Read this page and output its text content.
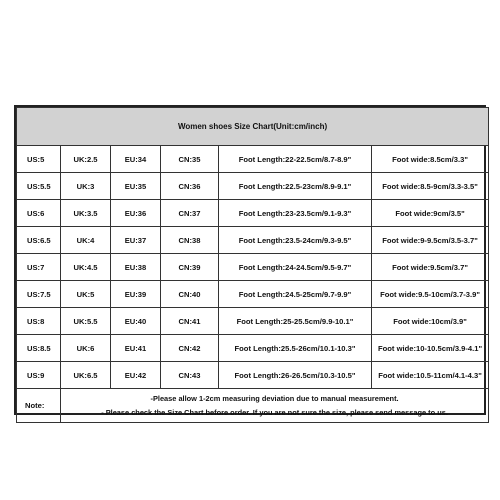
Women shoes Size Chart(Unit:cm/inch)					
US:5	UK:2.5	EU:34	CN:35	Foot Length:22-22.5cm/8.7-8.9"	Foot wide:8.5cm/3.3"
US:5.5	UK:3	EU:35	CN:36	Foot Length:22.5-23cm/8.9-9.1"	Foot wide:8.5-9cm/3.3-3.5"
US:6	UK:3.5	EU:36	CN:37	Foot Length:23-23.5cm/9.1-9.3"	Foot wide:9cm/3.5"
US:6.5	UK:4	EU:37	CN:38	Foot Length:23.5-24cm/9.3-9.5"	Foot wide:9-9.5cm/3.5-3.7"
US:7	UK:4.5	EU:38	CN:39	Foot Length:24-24.5cm/9.5-9.7"	Foot wide:9.5cm/3.7"
US:7.5	UK:5	EU:39	CN:40	Foot Length:24.5-25cm/9.7-9.9"	Foot wide:9.5-10cm/3.7-3.9"
US:8	UK:5.5	EU:40	CN:41	Foot Length:25-25.5cm/9.9-10.1"	Foot wide:10cm/3.9"
US:8.5	UK:6	EU:41	CN:42	Foot Length:25.5-26cm/10.1-10.3"	Foot wide:10-10.5cm/3.9-4.1"
US:9	UK:6.5	EU:42	CN:43	Foot Length:26-26.5cm/10.3-10.5"	Foot wide:10.5-11cm/4.1-4.3"
Note:	-Please allow 1-2cm measuring deviation due to manual measurement.
- Please check the Size Chart before order. If you are not sure the size, please send message to us.				
